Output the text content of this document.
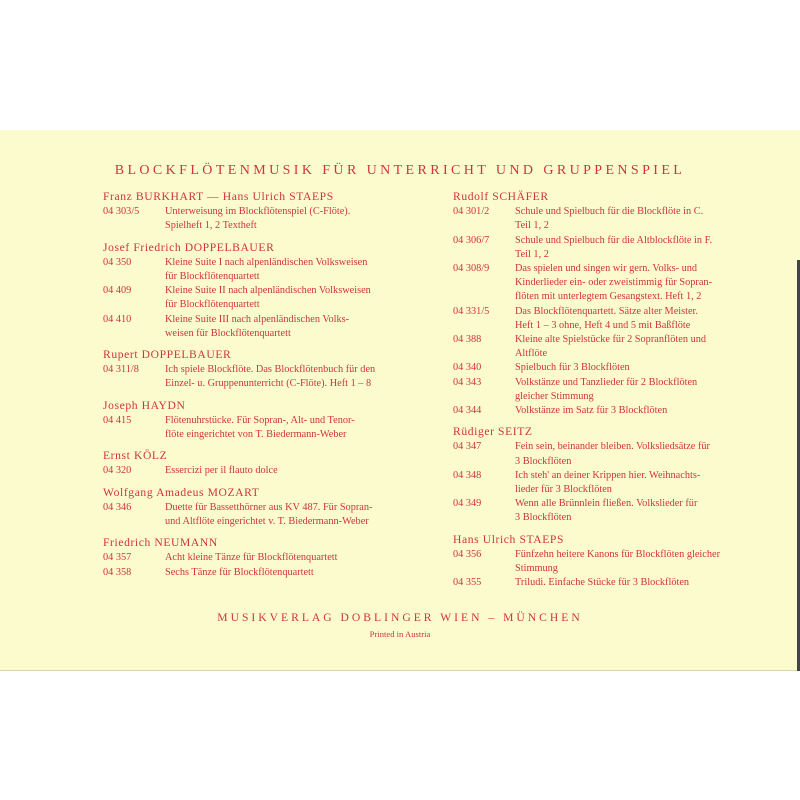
BLOCKFLÖTENMUSIK FÜR UNTERRICHT UND GRUPPENSPIEL
Franz BURKHART — Hans Ulrich STAEPS
04 303/5	Unterweisung im Blockflötenspiel (C-Flöte).
Spielheft 1, 2 Textheft
Josef Friedrich DOPPELBAUER
04 350	Kleine Suite I nach alpenländischen Volksweisen
für Blockflötenquartett
04 409	Kleine Suite II nach alpenländischen Volksweisen
für Blockflötenquartett
04 410	Kleine Suite III nach alpenländischen Volks-
weisen für Blockflötenquartett
Rupert DOPPELBAUER
04 311/8	Ich spiele Blockflöte. Das Blockflötenbuch für den
Einzel- u. Gruppenunterricht (C-Flöte). Heft 1 – 8
Joseph HAYDN
04 415	Flötenuhrstücke. Für Sopran-, Alt- und Tenor-
flöte eingerichtet von T. Biedermann-Weber
Ernst KÖLZ
04 320	Essercizi per il flauto dolce
Wolfgang Amadeus MOZART
04 346	Duette für Bassetthörner aus KV 487. Für Sopran-
und Altflöte eingerichtet v. T. Biedermann-Weber
Friedrich NEUMANN
04 357	Acht kleine Tänze für Blockflötenquartett
04 358	Sechs Tänze für Blockflötenquartett
Rudolf SCHÄFER
04 301/2	Schule und Spielbuch für die Blockflöte in C.
Teil 1, 2
04 306/7	Schule und Spielbuch für die Altblockflöte in F.
Teil 1, 2
04 308/9	Das spielen und singen wir gern. Volks- und
Kinderlieder ein- oder zweistimmig für Sopran-
flöten mit unterlegtem Gesangstext. Heft 1, 2
04 331/5	Das Blockflötenquartett. Sätze alter Meister.
Heft 1 – 3 ohne, Heft 4 und 5 mit Baßflöte
04 388	Kleine alte Spielstücke für 2 Sopranflöten und
Altflöte
04 340	Spielbuch für 3 Blockflöten
04 343	Volkstänze und Tanzlieder für 2 Blockflöten
gleicher Stimmung
04 344	Volkstänze im Satz für 3 Blockflöten
Rüdiger SEITZ
04 347	Fein sein, beinander bleiben. Volksliedsätze für
3 Blockflöten
04 348	Ich steh' an deiner Krippen hier. Weihnachts-
lieder für 3 Blockflöten
04 349	Wenn alle Brünnlein fließen. Volkslieder für
3 Blockflöten
Hans Ulrich STAEPS
04 356	Fünfzehn heitere Kanons für Blockflöten gleicher
Stimmung
04 355	Triludi. Einfache Stücke für 3 Blockflöten
MUSIKVERLAG DOBLINGER WIEN – MÜNCHEN
Printed in Austria
